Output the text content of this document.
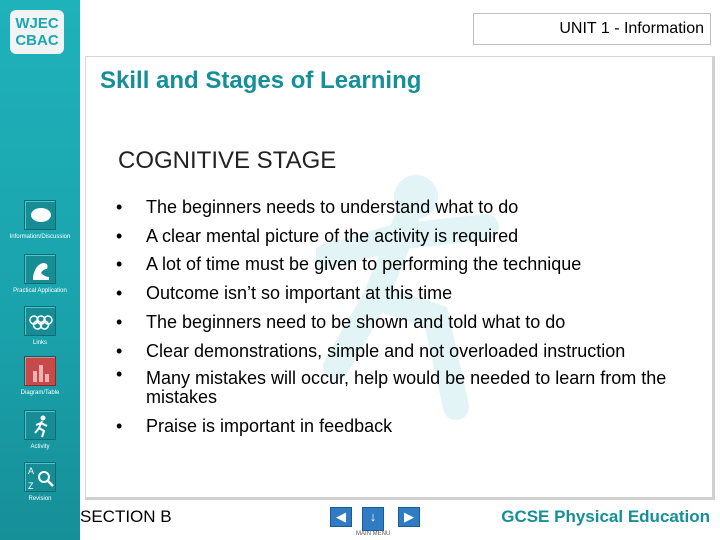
WJEC
CBAC
Information/Discussion
Practical Application
Links
Diagram/Table
Activity
A
Z
Revision
UNIT 1 - Information
Skill and Stages of Learning
COGNITIVE STAGE
• The beginners needs to understand what to do
• A clear mental picture of the activity is required
• A lot of time must be given to performing the technique
• Outcome isn’t so important at this time
• The beginners need to be shown and told what to do
• Clear demonstrations, simple and not overloaded instruction
• Many mistakes will occur, help would be needed to learn from the mistakes
• Praise is important in feedback
SECTION B	◀	↓
MAIN MENU
▶	GCSE Physical Education
